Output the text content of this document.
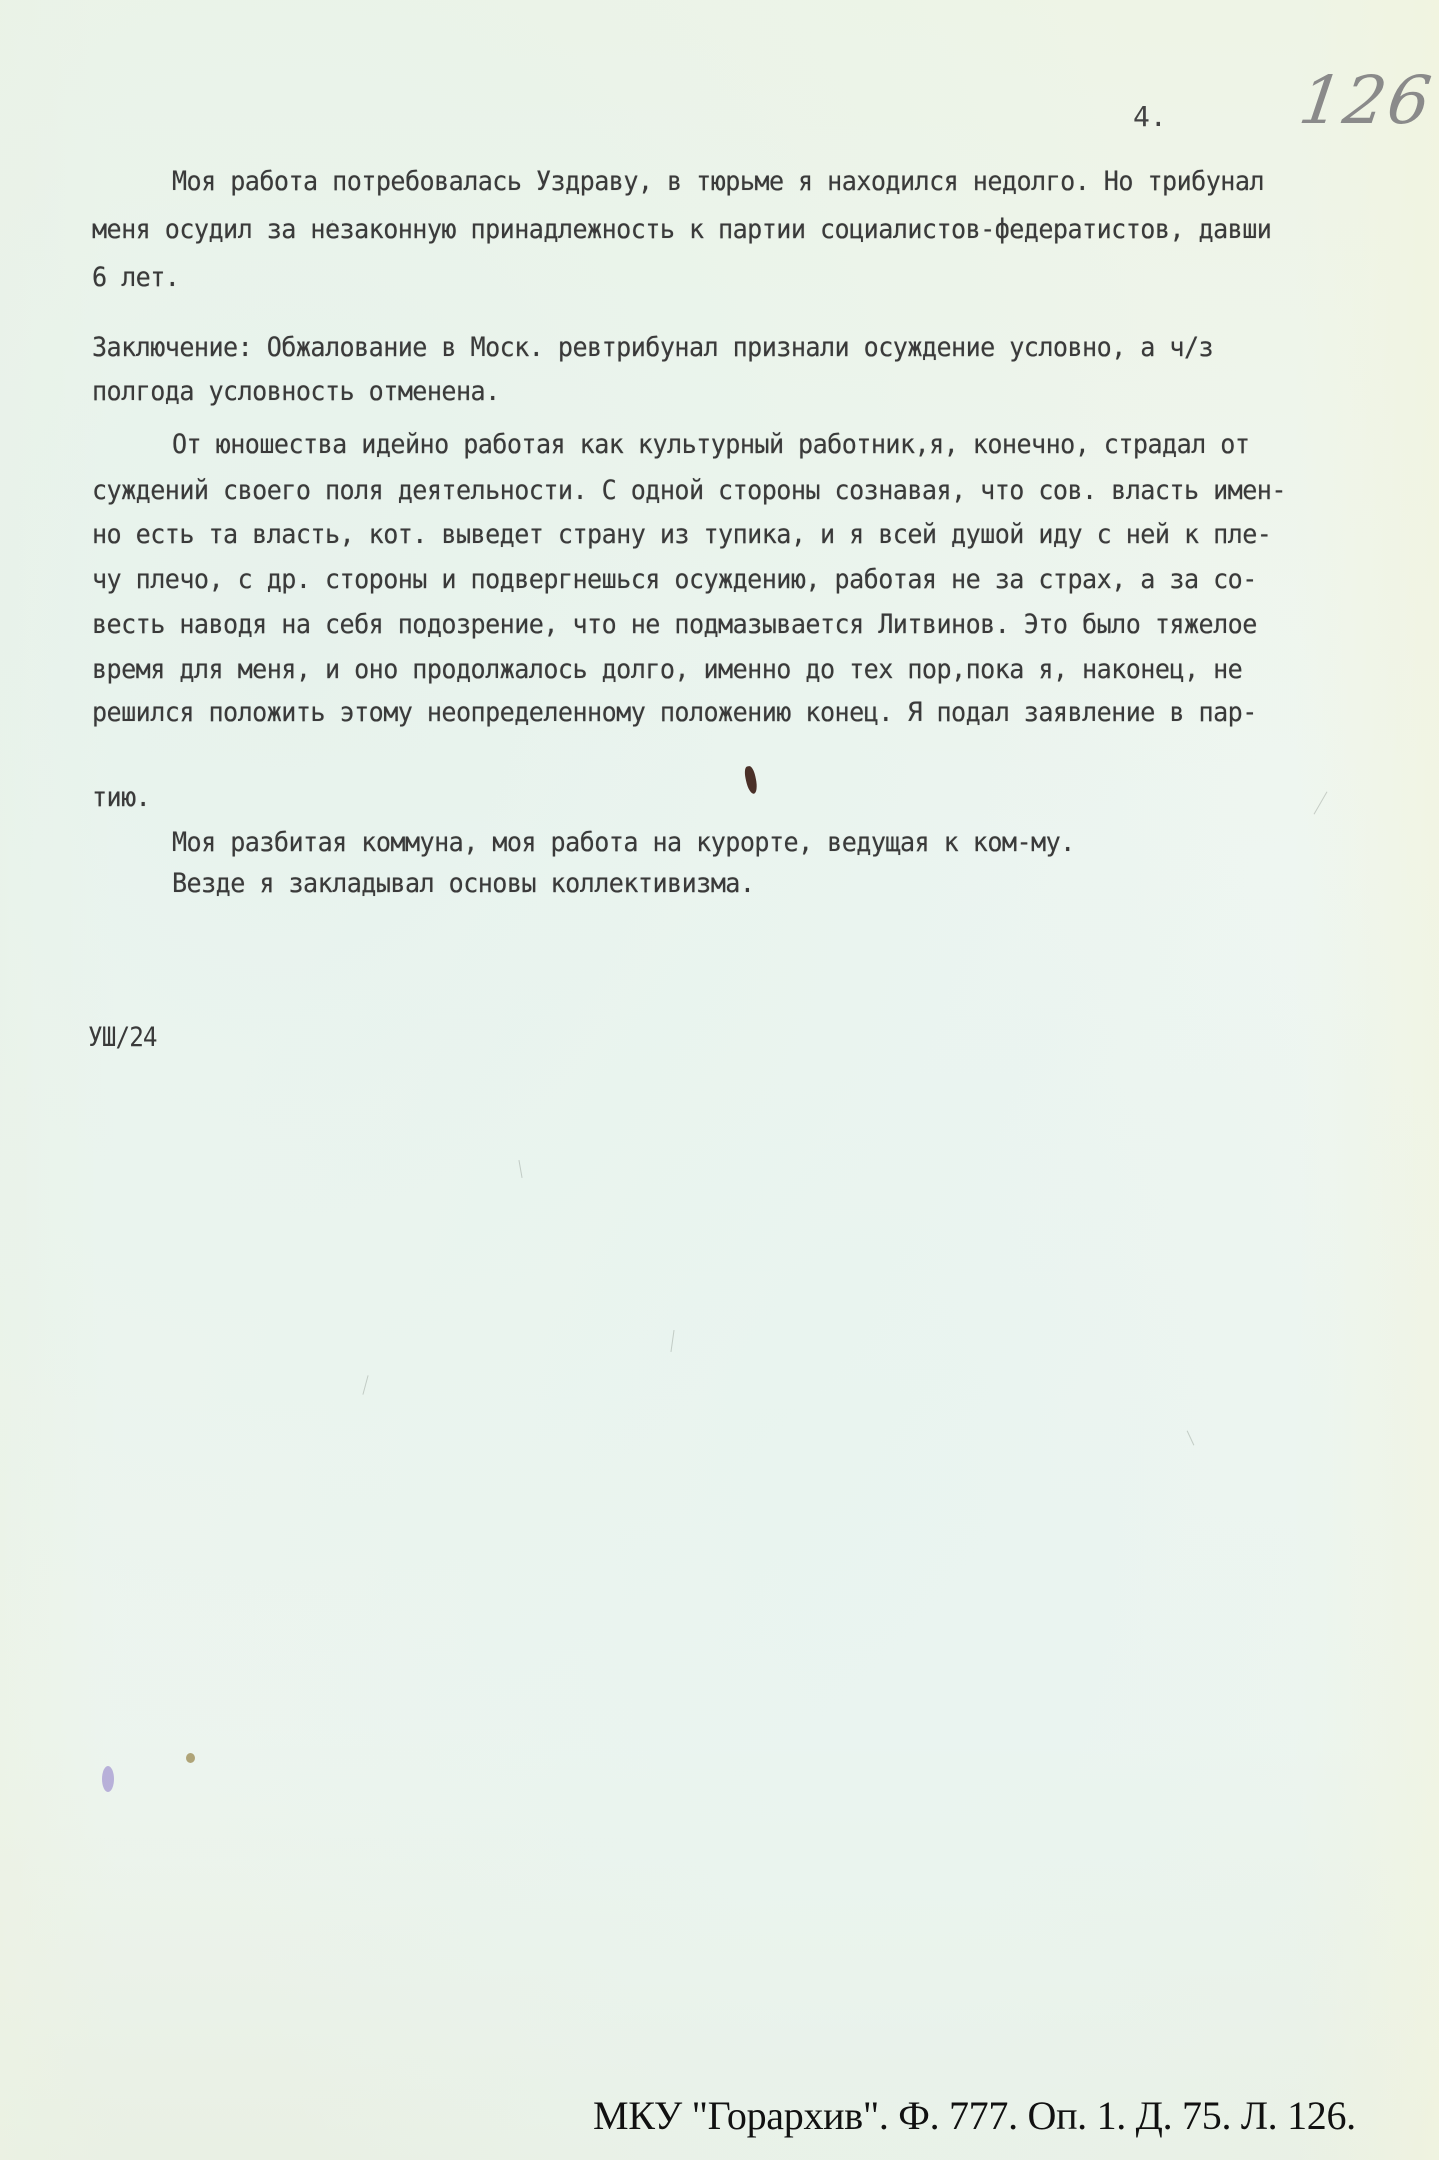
4. 126
Моя работа потребовалась Уздраву, в тюрьме я находился недолго. Но трибунал
меня осудил за незаконную принадлежность к партии социалистов-федератистов, давши
6 лет.
Заключение: Обжалование в Моск. ревтрибунал признали осуждение условно, а ч/з
полгода условность отменена.
От юношества идейно работая как культурный работник,я, конечно, страдал от
суждений своего поля деятельности. С одной стороны сознавая, что сов. власть имен-
но есть та власть, кот. выведет страну из тупика, и я всей душой иду с ней к пле-
чу плечо, с др. стороны и подвергнешься осуждению, работая не за страх, а за со-
весть наводя на себя подозрение, что не подмазывается Литвинов. Это было тяжелое
время для меня, и оно продолжалось долго, именно до тех пор,пока я, наконец, не
решился положить этому неопределенному положению конец. Я подал заявление в пар-
тию.
Моя разбитая коммуна, моя работа на курорте, ведущая к ком-му.
Везде я закладывал основы коллективизма.
УШ/24
МКУ "Горархив". Ф. 777. Оп. 1. Д. 75. Л. 126.
